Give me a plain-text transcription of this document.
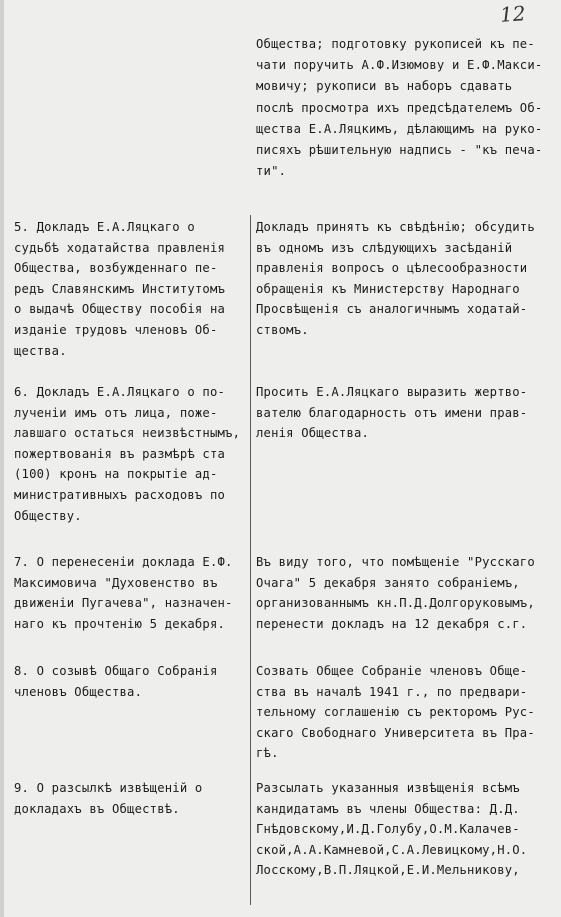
12
Общества; подготовку рукописей къ пе-
чати поручить А.Ф.Изюмову и Е.Ф.Макси-
мовичу; рукописи въ наборъ сдавать
послѣ просмотра ихъ предсѣдателемъ Об-
щества Е.А.Ляцкимъ, дѣлающимъ на руко-
писяхъ рѣшительную надпись - "къ печа-
ти".
5. Докладъ Е.А.Ляцкаго о
судьбѣ ходатайства правленія
Общества, возбужденнаго пе-
редъ Славянскимъ Институтомъ
о выдачѣ Обществу пособія на
изданіе трудовъ членовъ Об-
щества.
Докладъ принятъ къ свѣдѣнію; обсудить
въ одномъ изъ слѣдующихъ засѣданій
правленія вопросъ о цѣлесообразности
обращенія къ Министерству Народнаго
Просвѣщенія съ аналогичнымъ ходатай-
ствомъ.
6. Докладъ Е.А.Ляцкаго о по-
лученіи имъ отъ лица, поже-
лавшаго остаться неизвѣстнымъ,
пожертвованія въ размѣрѣ ста
(100) кронъ на покрытіе ад-
министративныхъ расходовъ по
Обществу.
Просить Е.А.Ляцкаго выразить жертво-
вателю благодарность отъ имени прав-
ленія Общества.
7. О перенесеніи доклада Е.Ф.
Максимовича "Духовенство въ
движеніи Пугачева", назначен-
наго къ прочтенію 5 декабря.
Въ виду того, что помѣщеніе "Русскаго
Очага" 5 декабря занято собраніемъ,
организованнымъ кн.П.Д.Долгоруковымъ,
перенести докладъ на 12 декабря с.г.
8. О созывѣ Общаго Собранія
членовъ Общества.
Созвать Общее Собраніе членовъ Обще-
ства въ началѣ 1941 г., по предвари-
тельному соглашенію съ ректоромъ Рус-
скаго Свободнаго Университета въ Пра-
гѣ.
9. О разсылкѣ извѣщеній о
докладахъ въ Обществѣ.
Разсылать указанныя извѣщенія всѣмъ
кандидатамъ въ члены Общества: Д.Д.
Гнѣдовскому,И.Д.Голубу,О.М.Калачев-
ской,А.А.Камневой,С.А.Левицкому,Н.О.
Лосскому,В.П.Ляцкой,Е.И.Мельникову,
